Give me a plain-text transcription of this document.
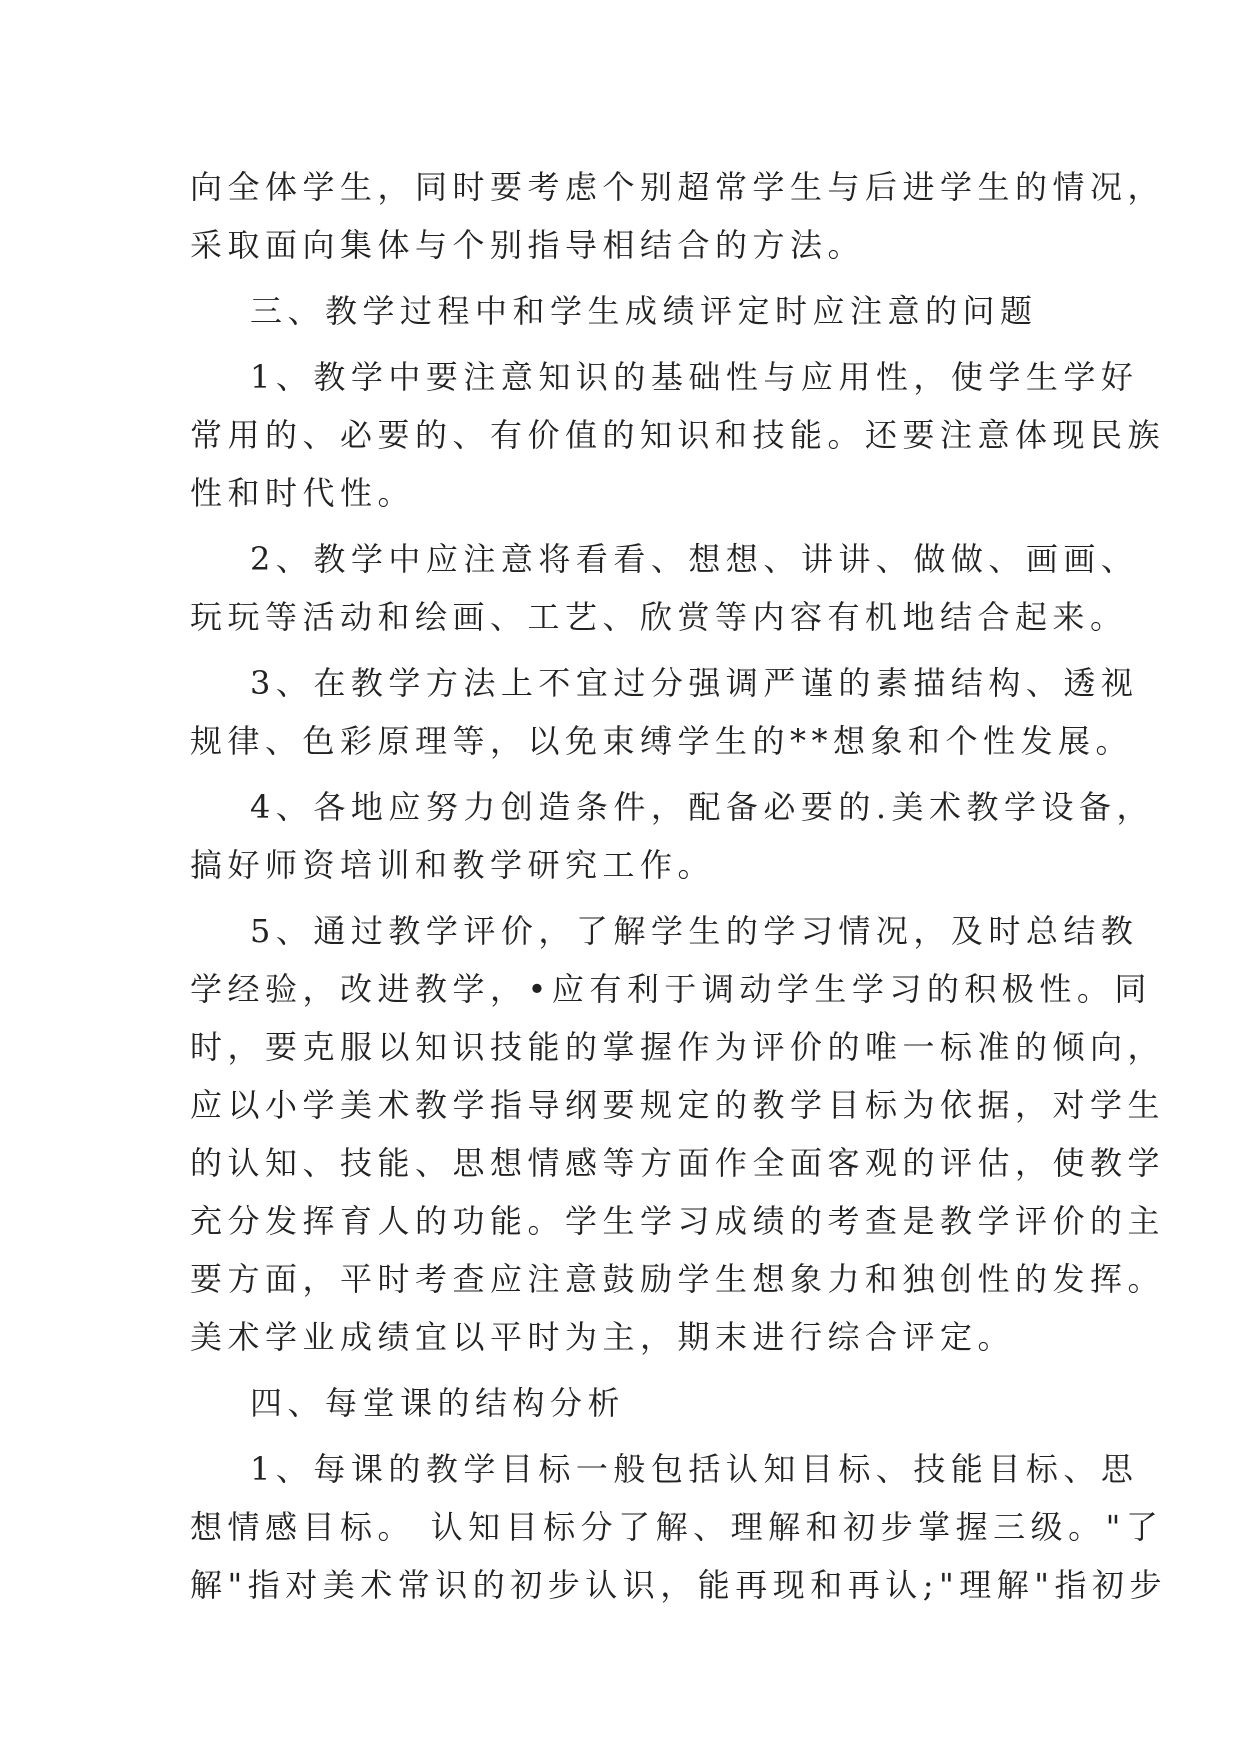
向全体学生，同时要考虑个别超常学生与后进学生的情况，
采取面向集体与个别指导相结合的方法。
三、教学过程中和学生成绩评定时应注意的问题
1、教学中要注意知识的基础性与应用性，使学生学好
常用的、必要的、有价值的知识和技能。还要注意体现民族
性和时代性。
2、教学中应注意将看看、想想、讲讲、做做、画画、
玩玩等活动和绘画、工艺、欣赏等内容有机地结合起来。
3、在教学方法上不宜过分强调严谨的素描结构、透视
规律、色彩原理等，以免束缚学生的**想象和个性发展。
4、各地应努力创造条件，配备必要的.美术教学设备，
搞好师资培训和教学研究工作。
5、通过教学评价，了解学生的学习情况，及时总结教
学经验，改进教学，•应有利于调动学生学习的积极性。同
时，要克服以知识技能的掌握作为评价的唯一标准的倾向，
应以小学美术教学指导纲要规定的教学目标为依据，对学生
的认知、技能、思想情感等方面作全面客观的评估，使教学
充分发挥育人的功能。学生学习成绩的考查是教学评价的主
要方面，平时考查应注意鼓励学生想象力和独创性的发挥。
美术学业成绩宜以平时为主，期末进行综合评定。
四、每堂课的结构分析
1、每课的教学目标一般包括认知目标、技能目标、思
想情感目标。 认知目标分了解、理解和初步掌握三级。"了
解"指对美术常识的初步认识，能再现和再认;"理解"指初步
